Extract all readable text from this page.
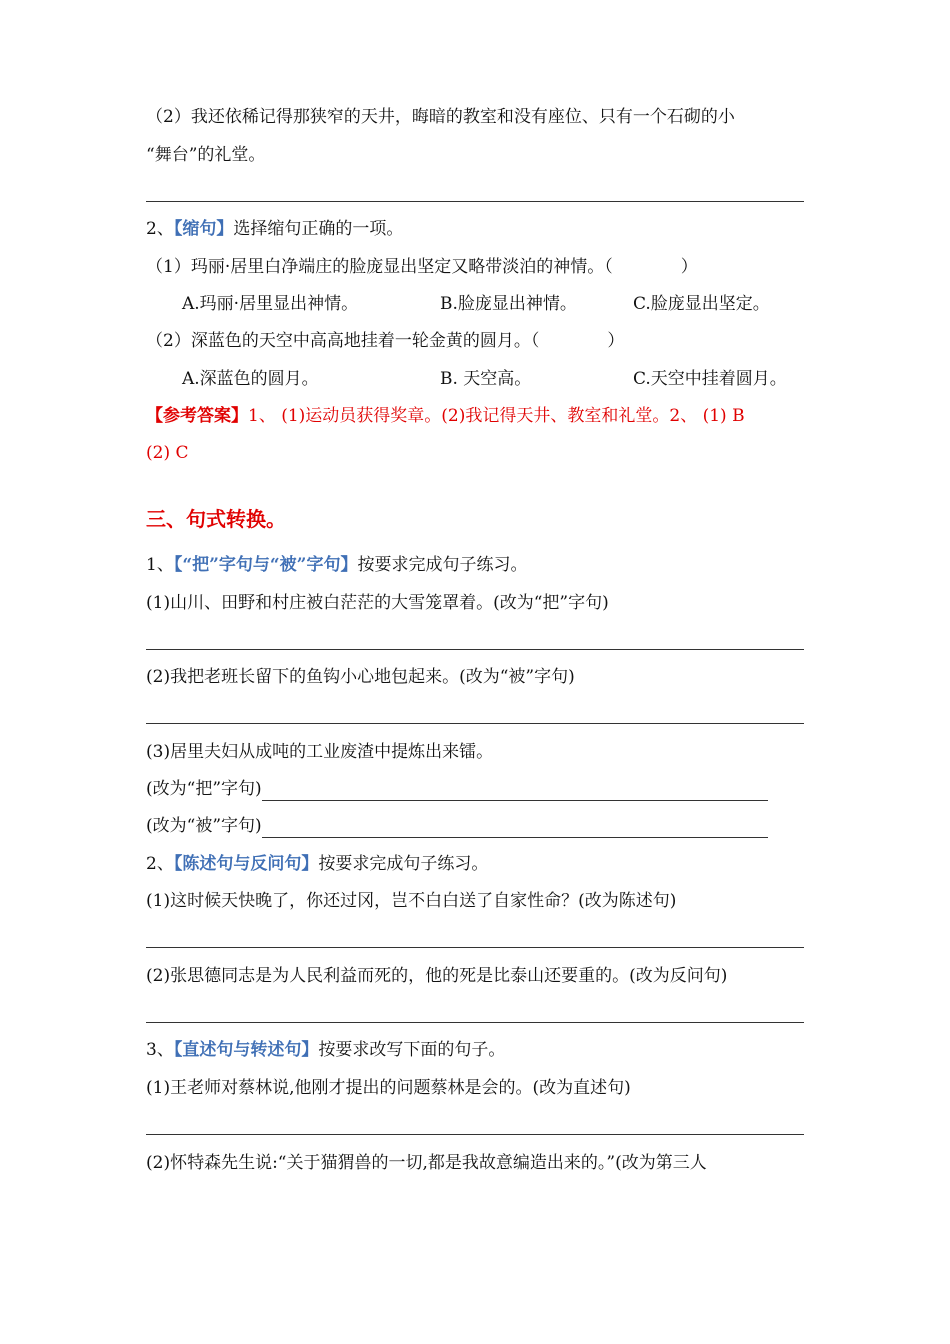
（2）我还依稀记得那狭窄的天井，晦暗的教室和没有座位、只有一个石砌的小
“舞台”的礼堂。
2、【缩句】选择缩句正确的一项。
（1）玛丽·居里白净端庄的脸庞显出坚定又略带淡泊的神情。（　　　　）
A.玛丽·居里显出神情。	B.脸庞显出神情。	C.脸庞显出坚定。
（2）深蓝色的天空中高高地挂着一轮金黄的圆月。（　　　　）
A.深蓝色的圆月。	B. 天空高。	C.天空中挂着圆月。
【参考答案】1、 (1)运动员获得奖章。(2)我记得天井、教室和礼堂。2、 (1) B
(2) C
三、句式转换。
1、【“把”字句与“被”字句】按要求完成句子练习。
(1)山川、田野和村庄被白茫茫的大雪笼罩着。(改为“把”字句)
(2)我把老班长留下的鱼钩小心地包起来。(改为“被”字句)
(3)居里夫妇从成吨的工业废渣中提炼出来镭。
(改为“把”字句)
(改为“被”字句)
2、【陈述句与反问句】按要求完成句子练习。
(1)这时候天快晚了，你还过冈，岂不白白送了自家性命？(改为陈述句)
(2)张思德同志是为人民利益而死的，他的死是比泰山还要重的。(改为反问句)
3、【直述句与转述句】按要求改写下面的句子。
(1)王老师对蔡林说,他刚才提出的问题蔡林是会的。(改为直述句)
(2)怀特森先生说:“关于猫猬兽的一切,都是我故意编造出来的。”(改为第三人
